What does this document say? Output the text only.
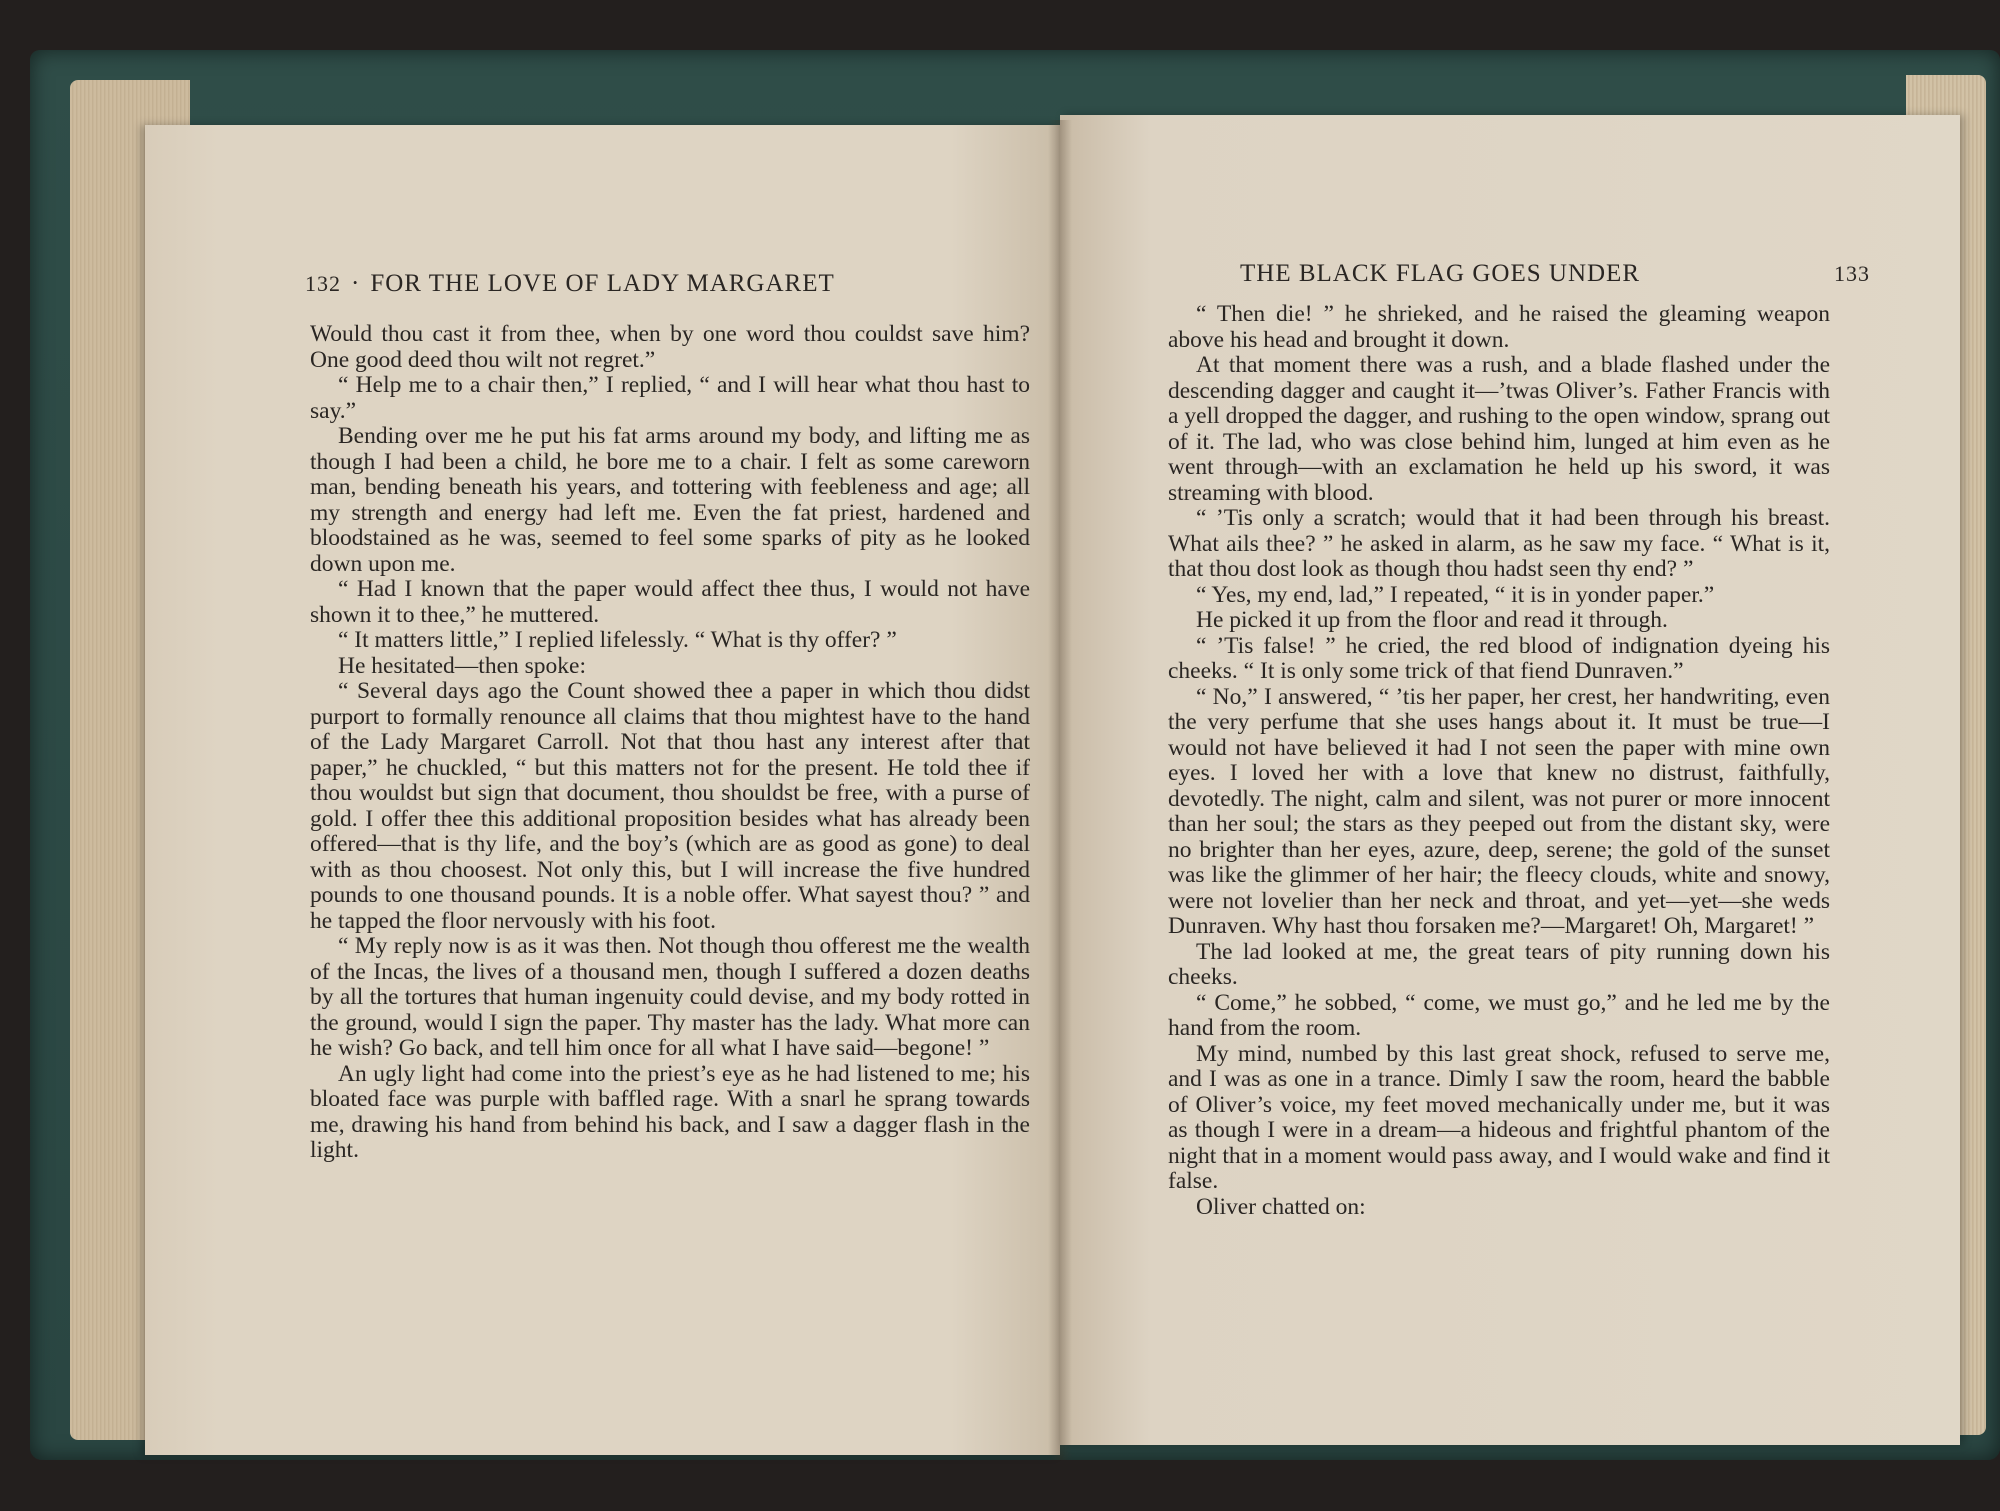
132 · FOR THE LOVE OF LADY MARGARET

Would thou cast it from thee, when by one word thou couldst save him? One good deed thou wilt not regret.”

“ Help me to a chair then,” I replied, “ and I will hear what thou hast to say.”

Bending over me he put his fat arms around my body, and lifting me as though I had been a child, he bore me to a chair. I felt as some careworn man, bending beneath his years, and tottering with feebleness and age; all my strength and energy had left me. Even the fat priest, hardened and bloodstained as he was, seemed to feel some sparks of pity as he looked down upon me.

“ Had I known that the paper would affect thee thus, I would not have shown it to thee,” he muttered.

“ It matters little,” I replied lifelessly. “ What is thy offer? ”

He hesitated—then spoke:

“ Several days ago the Count showed thee a paper in which thou didst purport to formally renounce all claims that thou mightest have to the hand of the Lady Margaret Carroll. Not that thou hast any interest after that paper,” he chuckled, “ but this matters not for the present. He told thee if thou wouldst but sign that document, thou shouldst be free, with a purse of gold. I offer thee this additional proposition besides what has already been offered—that is thy life, and the boy’s (which are as good as gone) to deal with as thou choosest. Not only this, but I will increase the five hundred pounds to one thousand pounds. It is a noble offer. What sayest thou? ” and he tapped the floor nervously with his foot.

“ My reply now is as it was then. Not though thou offerest me the wealth of the Incas, the lives of a thousand men, though I suffered a dozen deaths by all the tortures that human ingenuity could devise, and my body rotted in the ground, would I sign the paper. Thy master has the lady. What more can he wish? Go back, and tell him once for all what I have said—begone! ”

An ugly light had come into the priest’s eye as he had listened to me; his bloated face was purple with baffled rage. With a snarl he sprang towards me, drawing his hand from behind his back, and I saw a dagger flash in the light.

THE BLACK FLAG GOES UNDER	133

“ Then die! ” he shrieked, and he raised the gleaming weapon above his head and brought it down.

At that moment there was a rush, and a blade flashed under the descending dagger and caught it—’twas Oliver’s. Father Francis with a yell dropped the dagger, and rushing to the open window, sprang out of it. The lad, who was close behind him, lunged at him even as he went through—with an exclamation he held up his sword, it was streaming with blood.

“ ’Tis only a scratch; would that it had been through his breast. What ails thee? ” he asked in alarm, as he saw my face. “ What is it, that thou dost look as though thou hadst seen thy end? ”

“ Yes, my end, lad,” I repeated, “ it is in yonder paper.”

He picked it up from the floor and read it through.

“ ’Tis false! ” he cried, the red blood of indignation dyeing his cheeks. “ It is only some trick of that fiend Dunraven.”

“ No,” I answered, “ ’tis her paper, her crest, her handwriting, even the very perfume that she uses hangs about it. It must be true—I would not have believed it had I not seen the paper with mine own eyes. I loved her with a love that knew no distrust, faithfully, devotedly. The night, calm and silent, was not purer or more innocent than her soul; the stars as they peeped out from the distant sky, were no brighter than her eyes, azure, deep, serene; the gold of the sunset was like the glimmer of her hair; the fleecy clouds, white and snowy, were not lovelier than her neck and throat, and yet—yet—she weds Dunraven. Why hast thou forsaken me?—Margaret! Oh, Margaret! ”

The lad looked at me, the great tears of pity running down his cheeks.

“ Come,” he sobbed, “ come, we must go,” and he led me by the hand from the room.

My mind, numbed by this last great shock, refused to serve me, and I was as one in a trance. Dimly I saw the room, heard the babble of Oliver’s voice, my feet moved mechanically under me, but it was as though I were in a dream—a hideous and frightful phantom of the night that in a moment would pass away, and I would wake and find it false.

Oliver chatted on:
